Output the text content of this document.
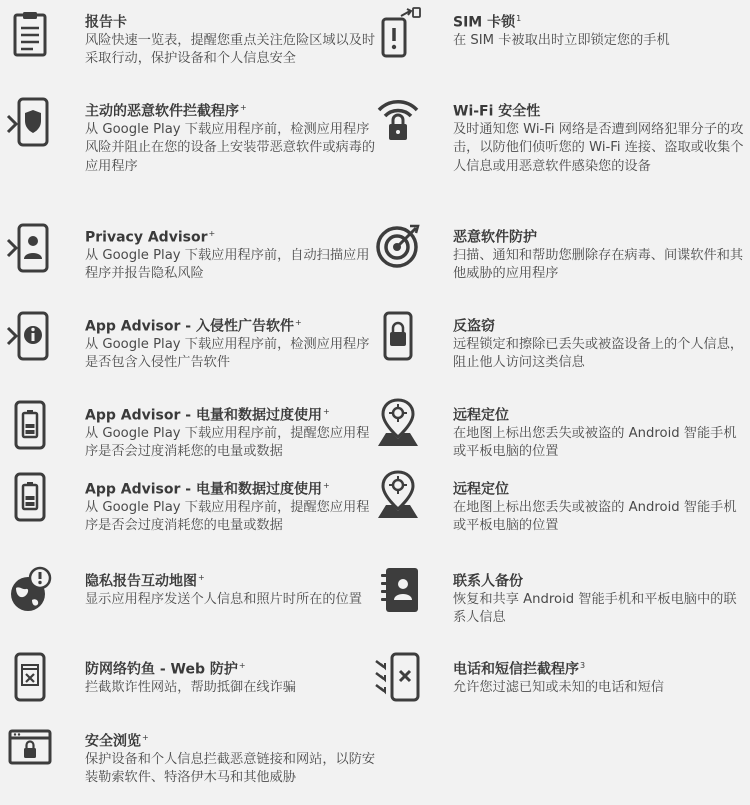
报告卡
风险快速一览表，提醒您重点关注危险区域以及时采取行动，保护设备和个人信息安全
SIM 卡锁$^1$
在 SIM 卡被取出时立即锁定您的手机
主动的恶意软件拦截程序+
从 Google Play 下载应用程序前，检测应用程序风险并阻止在您的设备上安装带恶意软件或病毒的应用程序
Wi-Fi 安全性
及时通知您 Wi-Fi 网络是否遭到网络犯罪分子的攻击，以防他们侦听您的 Wi-Fi 连接、盗取或收集个人信息或用恶意软件感染您的设备
Privacy Advisor+
从 Google Play 下载应用程序前，自动扫描应用程序并报告隐私风险
恶意软件防护
扫描、通知和帮助您删除存在病毒、间谍软件和其他威胁的应用程序
App Advisor - 入侵性广告软件+
从 Google Play 下载应用程序前，检测应用程序是否包含入侵性广告软件
反盗窃
远程锁定和擦除已丢失或被盗设备上的个人信息，阻止他人访问这类信息
App Advisor - 电量和数据过度使用+
从 Google Play 下载应用程序前，提醒您应用程序是否会过度消耗您的电量或数据
远程定位
在地图上标出您丢失或被盗的 Android 智能手机或平板电脑的位置
App Advisor - 电量和数据过度使用+
从 Google Play 下载应用程序前，提醒您应用程序是否会过度消耗您的电量或数据
远程定位
在地图上标出您丢失或被盗的 Android 智能手机或平板电脑的位置
隐私报告互动地图+
显示应用程序发送个人信息和照片时所在的位置
联系人备份
恢复和共享 Android 智能手机和平板电脑中的联系人信息
防网络钓鱼 - Web 防护+
拦截欺诈性网站，帮助抵御在线诈骗
电话和短信拦截程序$^3$
允许您过滤已知或未知的电话和短信
安全浏览+
保护设备和个人信息拦截恶意链接和网站，以防安装勒索软件、特洛伊木马和其他威胁
